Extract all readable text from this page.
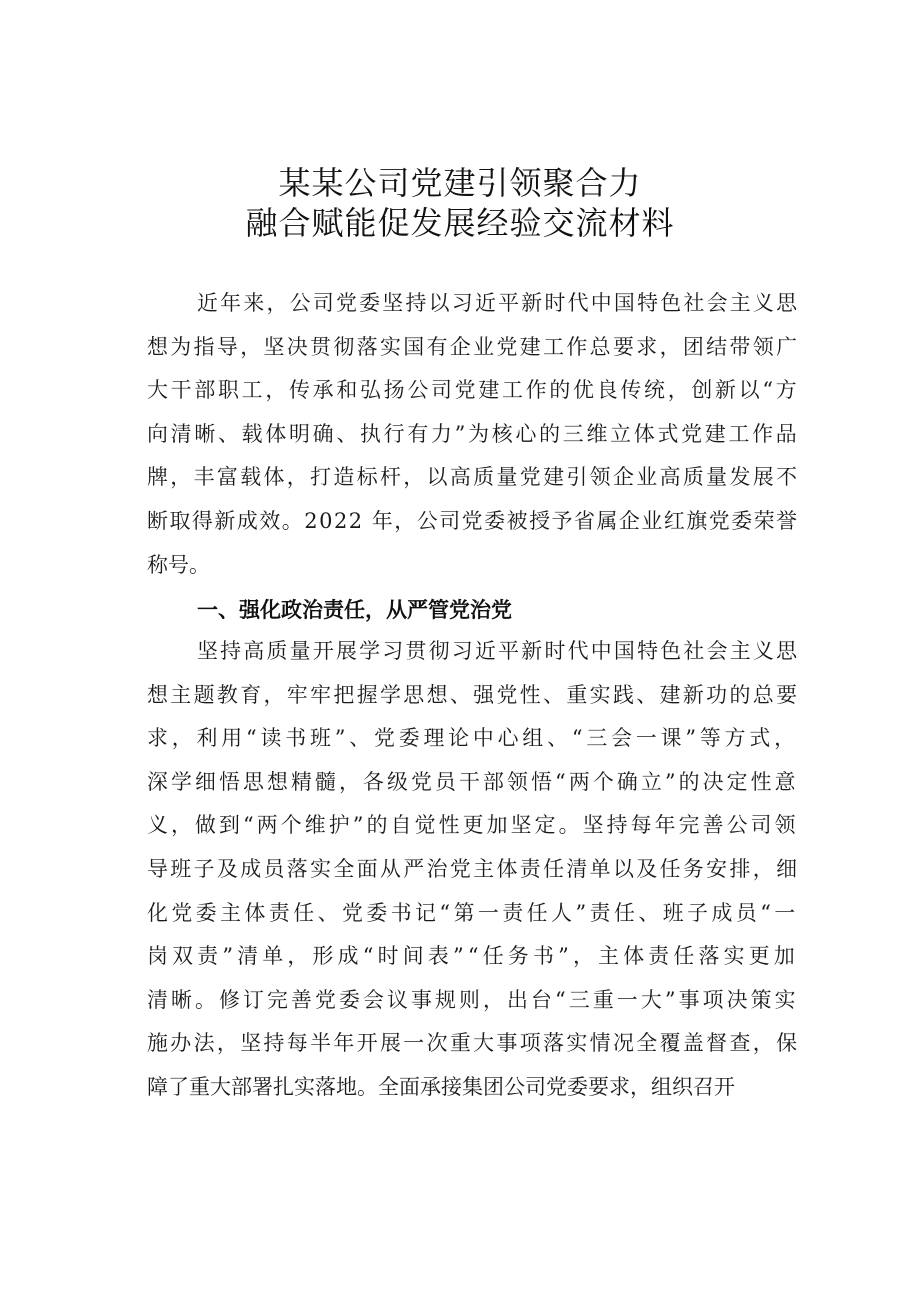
某某公司党建引领聚合力
融合赋能促发展经验交流材料
近年来，公司党委坚持以习近平新时代中国特色社会主义思
想为指导，坚决贯彻落实国有企业党建工作总要求，团结带领广
大干部职工，传承和弘扬公司党建工作的优良传统，创新以“方
向清晰、载体明确、执行有力”为核心的三维立体式党建工作品
牌，丰富载体，打造标杆，以高质量党建引领企业高质量发展不
断取得新成效。2022 年，公司党委被授予省属企业红旗党委荣誉
称号。
一、强化政治责任，从严管党治党
坚持高质量开展学习贯彻习近平新时代中国特色社会主义思
想主题教育，牢牢把握学思想、强党性、重实践、建新功的总要
求，利用“读书班”、党委理论中心组、“三会一课”等方式，
深学细悟思想精髓，各级党员干部领悟“两个确立”的决定性意
义，做到“两个维护”的自觉性更加坚定。坚持每年完善公司领
导班子及成员落实全面从严治党主体责任清单以及任务安排，细
化党委主体责任、党委书记“第一责任人”责任、班子成员“一
岗双责”清单，形成“时间表”“任务书”，主体责任落实更加
清晰。修订完善党委会议事规则，出台“三重一大”事项决策实
施办法，坚持每半年开展一次重大事项落实情况全覆盖督查，保
障了重大部署扎实落地。全面承接集团公司党委要求，组织召开
